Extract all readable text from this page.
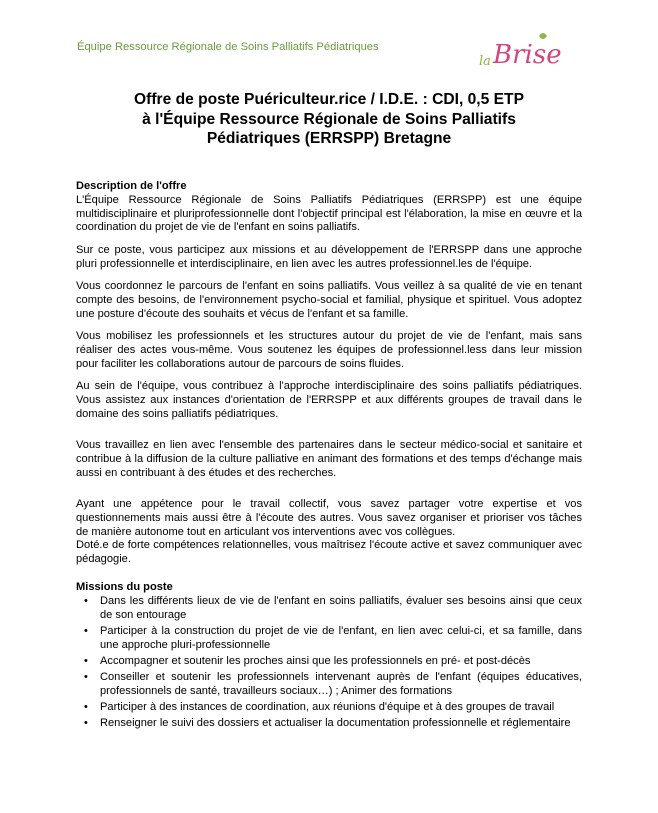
Équipe Ressource Régionale de Soins Palliatifs Pédiatriques
la Brise
Offre de poste Puériculteur.rice / I.D.E. : CDI, 0,5 ETP
à l'Équipe Ressource Régionale de Soins Palliatifs
Pédiatriques (ERRSPP) Bretagne

Description de l'offre

L'Équipe Ressource Régionale de Soins Palliatifs Pédiatriques (ERRSPP) est une équipe multidisciplinaire et pluriprofessionnelle dont l'objectif principal est l'élaboration, la mise en œuvre et la coordination du projet de vie de l'enfant en soins palliatifs.

Sur ce poste, vous participez aux missions et au développement de l'ERRSPP dans une approche pluri professionnelle et interdisciplinaire, en lien avec les autres professionnel.les de l'équipe.

Vous coordonnez le parcours de l'enfant en soins palliatifs. Vous veillez à sa qualité de vie en tenant compte des besoins, de l'environnement psycho-social et familial, physique et spirituel. Vous adoptez une posture d'écoute des souhaits et vécus de l'enfant et sa famille.

Vous mobilisez les professionnels et les structures autour du projet de vie de l'enfant, mais sans réaliser des actes vous-même. Vous soutenez les équipes de professionnel.less dans leur mission pour faciliter les collaborations autour de parcours de soins fluides.

Au sein de l'équipe, vous contribuez à l'approche interdisciplinaire des soins palliatifs pédiatriques. Vous assistez aux instances d'orientation de l'ERRSPP et aux différents groupes de travail dans le domaine des soins palliatifs pédiatriques.

Vous travaillez en lien avec l'ensemble des partenaires dans le secteur médico-social et sanitaire et contribue à la diffusion de la culture palliative en animant des formations et des temps d'échange mais aussi en contribuant à des études et des recherches.

Ayant une appétence pour le travail collectif, vous savez partager votre expertise et vos questionnements mais aussi être à l'écoute des autres. Vous savez organiser et prioriser vos tâches de manière autonome tout en articulant vos interventions avec vos collègues.

Doté.e de forte compétences relationnelles, vous maîtrisez l'écoute active et savez communiquer avec pédagogie.

Missions du poste

• Dans les différents lieux de vie de l'enfant en soins palliatifs, évaluer ses besoins ainsi que ceux de son entourage
• Participer à la construction du projet de vie de l'enfant, en lien avec celui-ci, et sa famille, dans une approche pluri-professionnelle
• Accompagner et soutenir les proches ainsi que les professionnels en pré- et post-décès
• Conseiller et soutenir les professionnels intervenant auprès de l'enfant (équipes éducatives, professionnels de santé, travailleurs sociaux…) ; Animer des formations
• Participer à des instances de coordination, aux réunions d'équipe et à des groupes de travail
• Renseigner le suivi des dossiers et actualiser la documentation professionnelle et réglementaire
